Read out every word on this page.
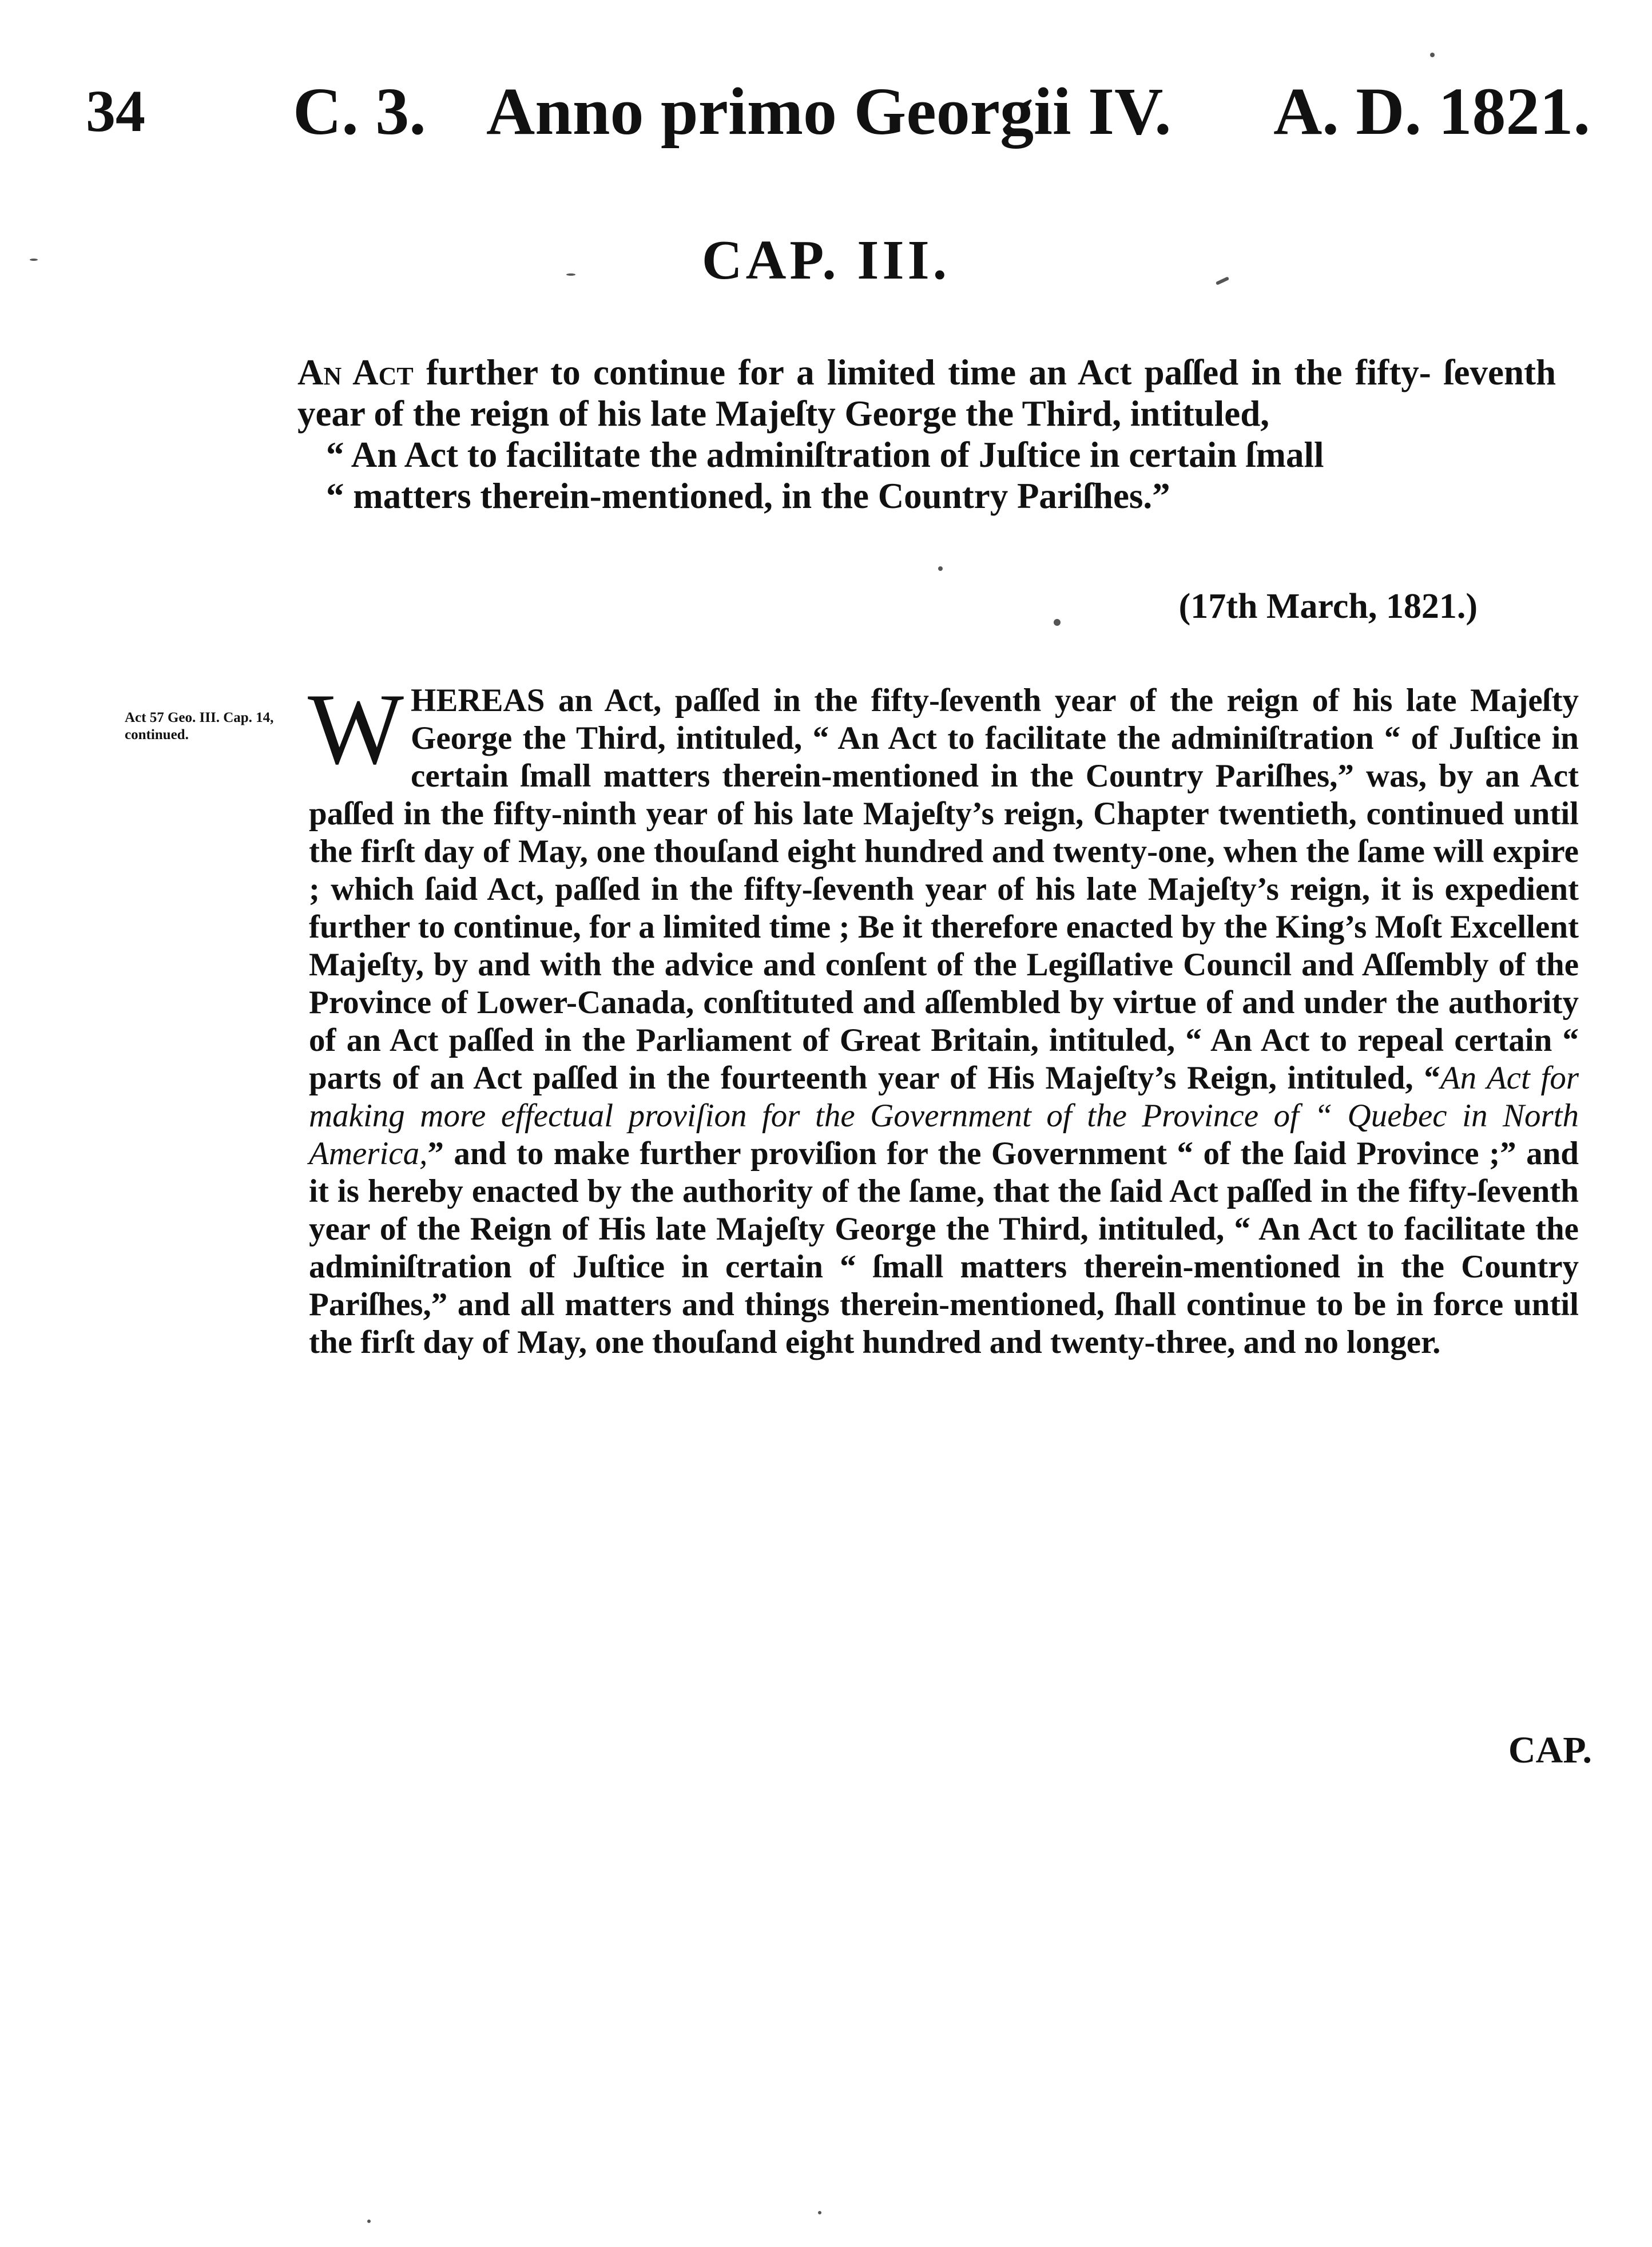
34 C. 3. Anno primo Georgii IV. A. D. 1821.
CAP. III.
An Act further to continue for a limited time an Act paſſed in the fifty- ſeventh year of the reign of his late Majeſty George the Third, intituled,
“ An Act to facilitate the adminiſtration of Juſtice in certain ſmall
“ matters therein-mentioned, in the Country Pariſhes.”
(17th March, 1821.)
Act 57 Geo. III. Cap. 14, continued.	W HEREAS an Act, paſſed in the fifty-ſeventh year of the reign of his late Majeſty George the Third, intituled, “ An Act to facilitate the adminiſtration “ of Juſtice in certain ſmall matters therein-mentioned in the Country Pariſhes,” was, by an Act paſſed in the fifty-ninth year of his late Majeſty’s reign, Chapter twentieth, continued until the firſt day of May, one thouſand eight hundred and twenty-one, when the ſame will expire ; which ſaid Act, paſſed in the fifty-ſeventh year of his late Majeſty’s reign, it is expedient further to continue, for a limited time ; Be it therefore enacted by the King’s Moſt Excellent Majeſty, by and with the advice and conſent of the Legiſlative Council and Aſſembly of the Province of Lower-Canada, conſtituted and aſſembled by virtue of and under the authority of an Act paſſed in the Parliament of Great Britain, intituled, “ An Act to repeal certain “ parts of an Act paſſed in the fourteenth year of His Majeſty’s Reign, intituled, “An Act for making more effectual proviſion for the Government of the Province of “ Quebec in North America,” and to make further proviſion for the Government “ of the ſaid Province ;” and it is hereby enacted by the authority of the ſame, that the ſaid Act paſſed in the fifty-ſeventh year of the Reign of His late Majeſty George the Third, intituled, “ An Act to facilitate the adminiſtration of Juſtice in certain “ ſmall matters therein-mentioned in the Country Pariſhes,” and all matters and things therein-mentioned, ſhall continue to be in force until the firſt day of May, one thouſand eight hundred and twenty-three, and no longer.
CAP.
